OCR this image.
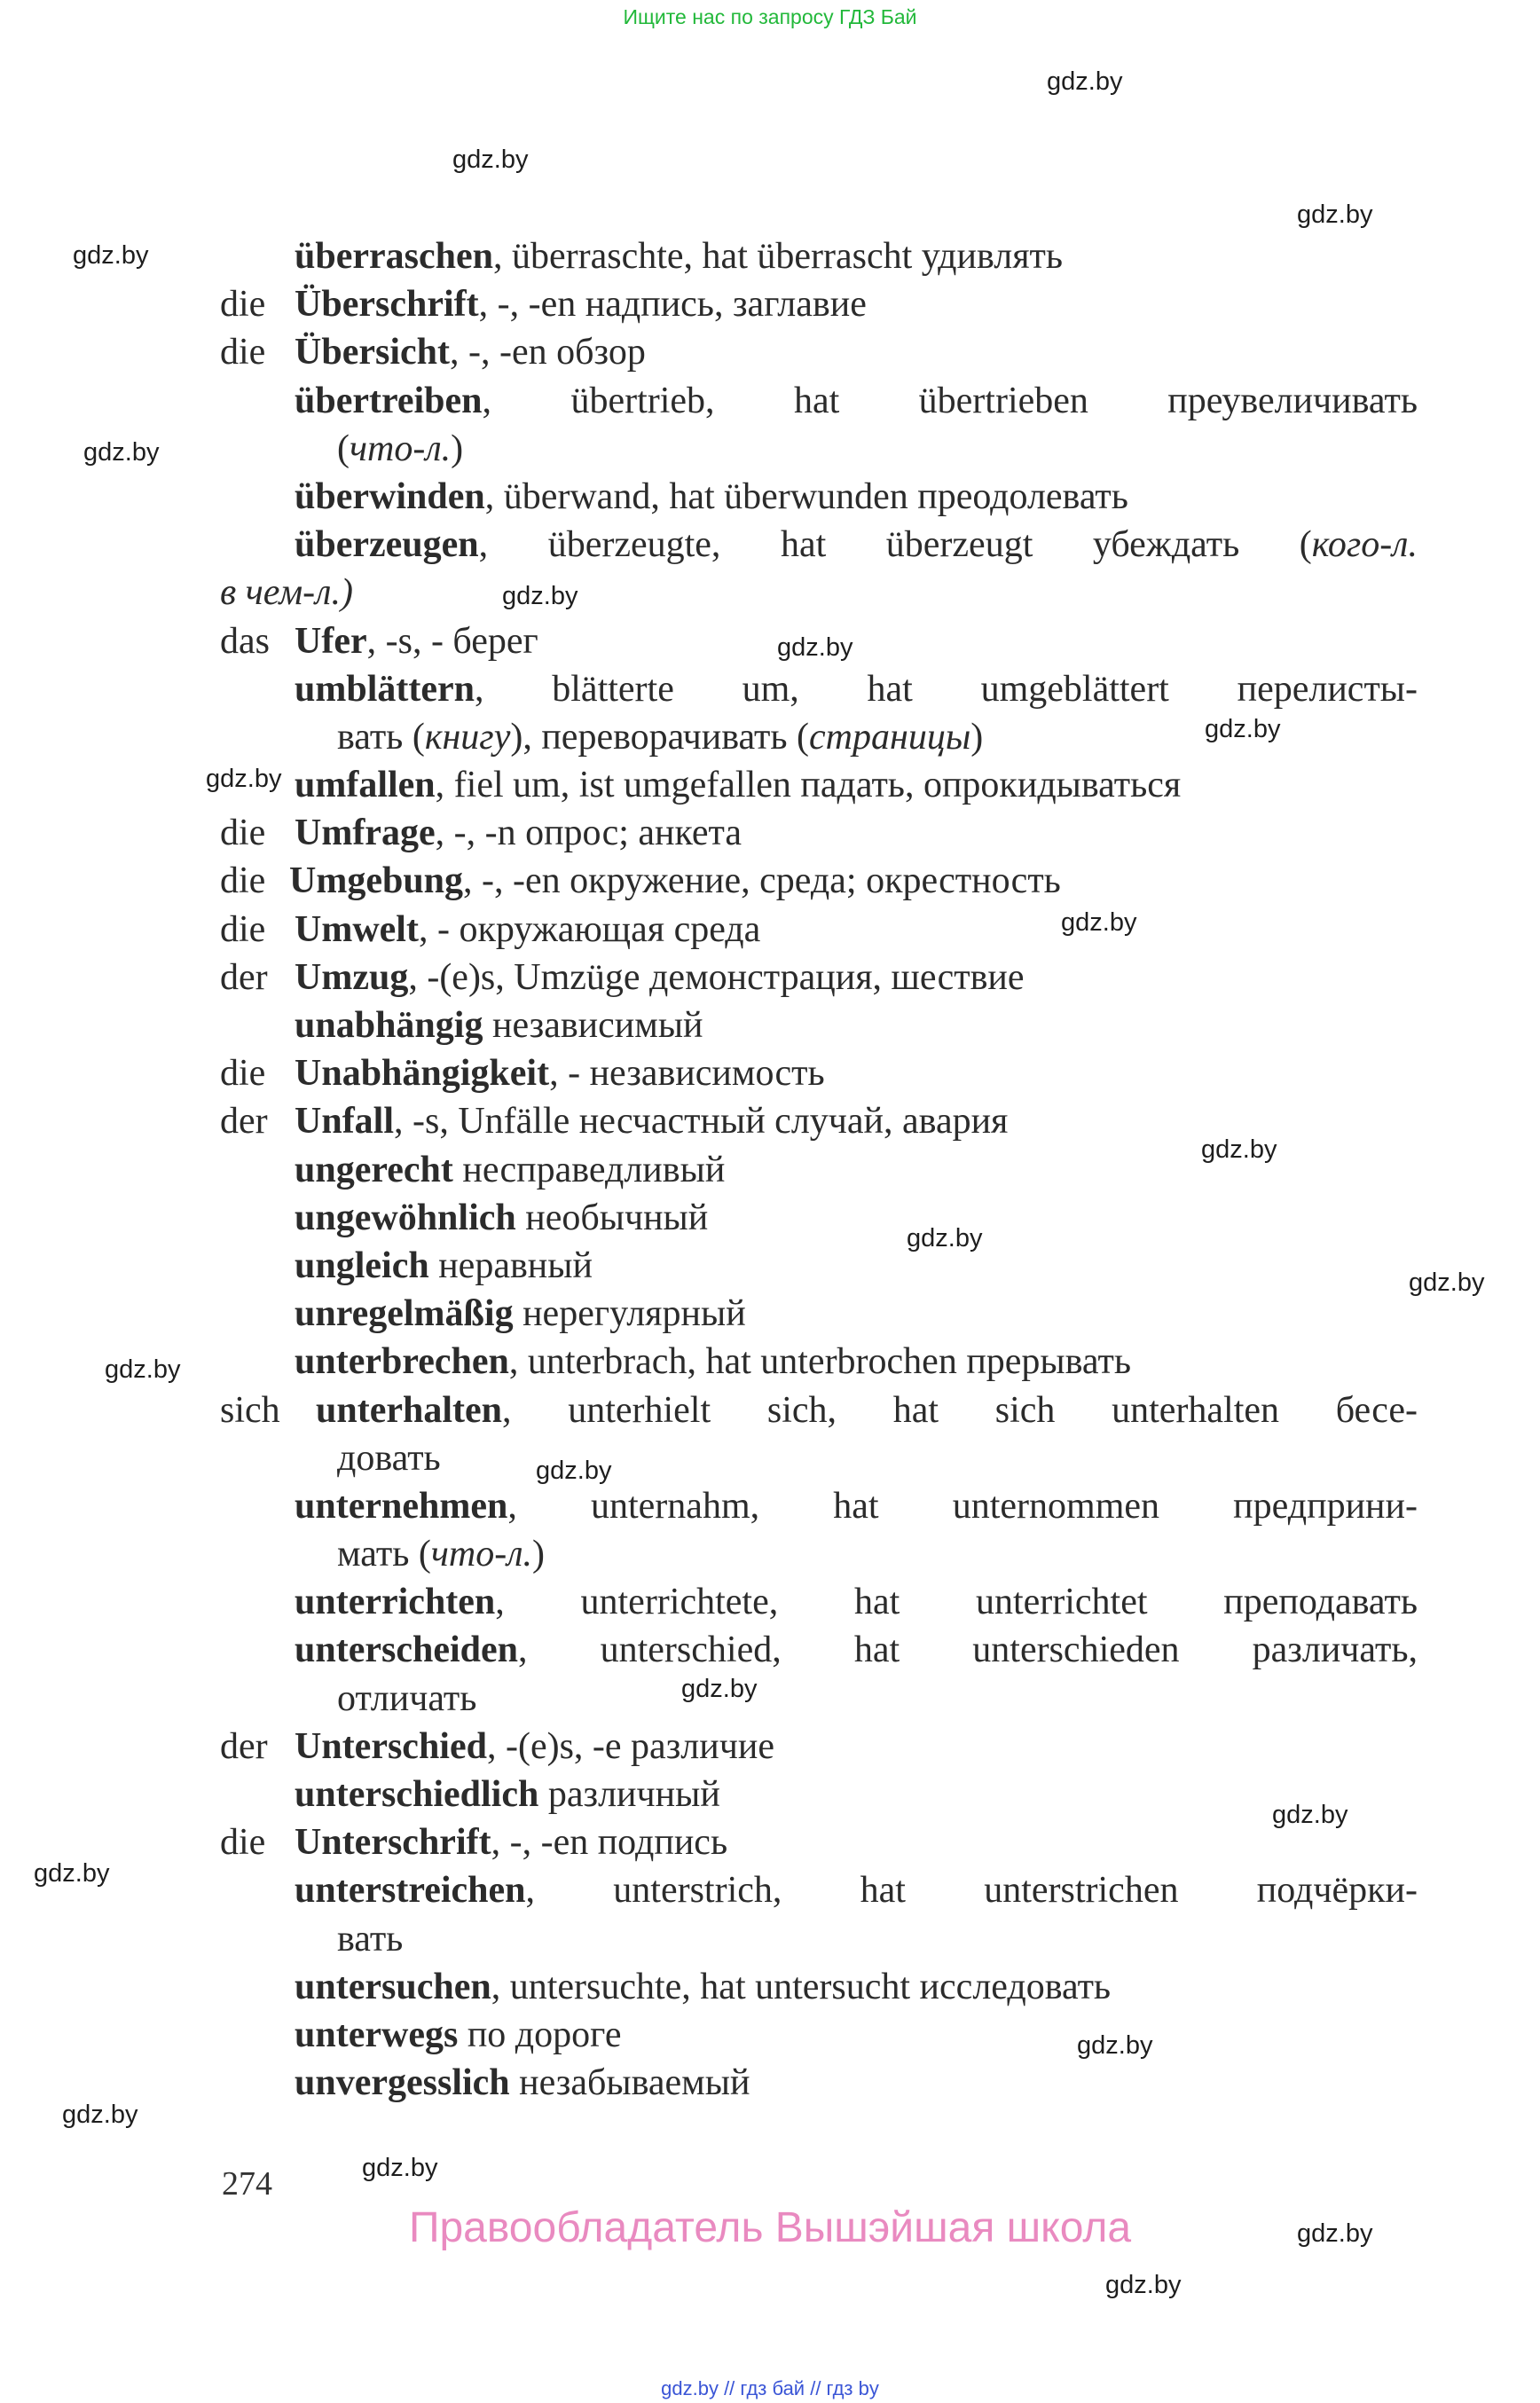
Ищите нас по запросу ГДЗ Бай
gdz.by
gdz.by
gdz.by
gdz.by
gdz.by
gdz.by
gdz.by
gdz.by
gdz.by
gdz.by
gdz.by
gdz.by
gdz.by
gdz.by
gdz.by
gdz.by
gdz.by
gdz.by
gdz.by
gdz.by
gdz.by
gdz.by
gdz.by
überraschen, überraschte, hat überrascht удивлять
die Überschrift, -, -en надпись, заглавие
die Übersicht, -, -en обзор
übertreiben, übertrieb, hat übertrieben преувеличивать
(что-л.)
überwinden, überwand, hat überwunden преодолевать
überzeugen, überzeugte, hat überzeugt убеждать (кого-л.
в чем-л.)
das Ufer, -s, - берег
umblättern, blätterte um, hat umgeblättert перелисты-
вать (книгу), переворачивать (страницы)
umfallen, fiel um, ist umgefallen падать, опрокидываться
die Umfrage, -, -n опрос; анкета
die Umgebung, -, -en окружение, среда; окрестность
die Umwelt, - окружающая среда
der Umzug, -(e)s, Umzüge демонстрация, шествие
unabhängig независимый
die Unabhängigkeit, - независимость
der Unfall, -s, Unfälle несчастный случай, авария
ungerecht несправедливый
ungewöhnlich необычный
ungleich неравный
unregelmäßig нерегулярный
unterbrechen, unterbrach, hat unterbrochen прерывать
sich unterhalten, unterhielt sich, hat sich unterhalten бесе-
довать
unternehmen, unternahm, hat unternommen предприни-
мать (что-л.)
unterrichten, unterrichtete, hat unterrichtet преподавать
unterscheiden, unterschied, hat unterschieden различать,
отличать
der Unterschied, -(e)s, -e различие
unterschiedlich различный
die Unterschrift, -, -en подпись
unterstreichen, unterstrich, hat unterstrichen подчёрки-
вать
untersuchen, untersuchte, hat untersucht исследовать
unterwegs по дороге
unvergesslich незабываемый
274
Правообладатель Вышэйшая школа
gdz.by // гдз бай // гдз by
